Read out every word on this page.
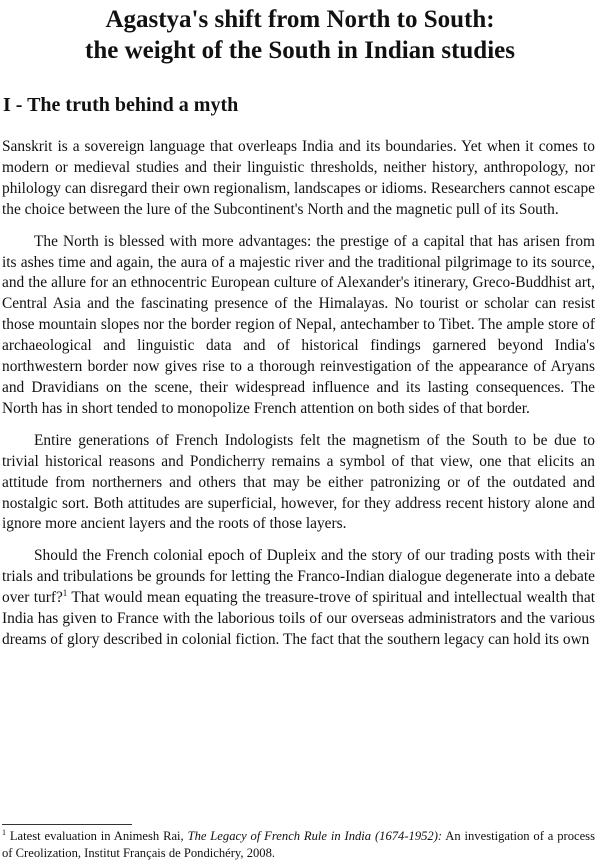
Agastya's shift from North to South:
the weight of the South in Indian studies
I - The truth behind a myth

Sanskrit is a sovereign language that overleaps India and its boundaries. Yet when it comes to modern or medieval studies and their linguistic thresholds, neither history, anthropology, nor philology can disregard their own regionalism, landscapes or idioms. Researchers cannot escape the choice between the lure of the Subcontinent's North and the magnetic pull of its South.

The North is blessed with more advantages: the prestige of a capital that has arisen from its ashes time and again, the aura of a majestic river and the traditional pilgrimage to its source, and the allure for an ethnocentric European culture of Alexander's itinerary, Greco-Buddhist art, Central Asia and the fascinating presence of the Himalayas. No tourist or scholar can resist those mountain slopes nor the border region of Nepal, antechamber to Tibet. The ample store of archaeological and linguistic data and of historical findings garnered beyond India's northwestern border now gives rise to a thorough reinvestigation of the appearance of Aryans and Dravidians on the scene, their widespread influence and its lasting consequences. The North has in short tended to monopolize French attention on both sides of that border.

Entire generations of French Indologists felt the magnetism of the South to be due to trivial historical reasons and Pondicherry remains a symbol of that view, one that elicits an attitude from northerners and others that may be either patronizing or of the outdated and nostalgic sort. Both attitudes are superficial, however, for they address recent history alone and ignore more ancient layers and the roots of those layers.

Should the French colonial epoch of Dupleix and the story of our trading posts with their trials and tribulations be grounds for letting the Franco-Indian dialogue degenerate into a debate over turf?$^1$ That would mean equating the treasure-trove of spiritual and intellectual wealth that India has given to France with the laborious toils of our overseas administrators and the various dreams of glory described in colonial fiction. The fact that the southern legacy can hold its own

$^1$ Latest evaluation in Animesh Rai, The Legacy of French Rule in India (1674-1952): An investigation of a process of Creolization, Institut Français de Pondichéry, 2008.
